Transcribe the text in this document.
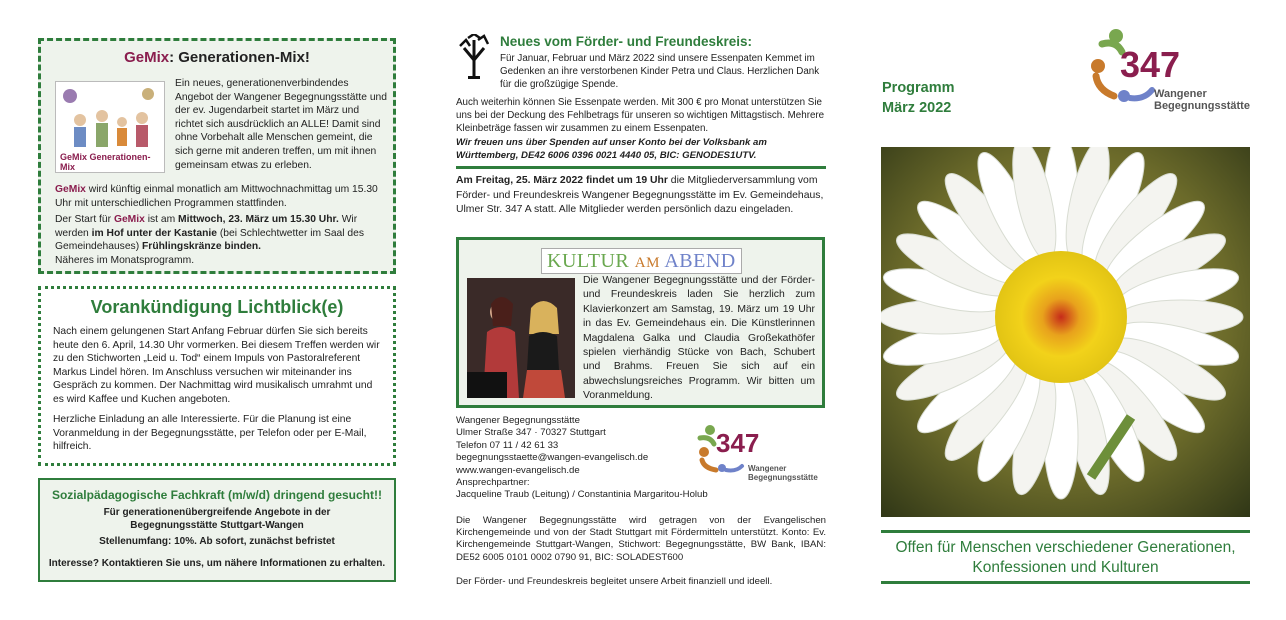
GeMix: Generationen-Mix!
GeMix Generationen-Mix

Ein neues, generationenverbindendes Angebot der Wangener Begegnungsstätte und der ev. Jugendarbeit startet im März und richtet sich ausdrücklich an ALLE! Damit sind ohne Vorbehalt alle Menschen gemeint, die sich gerne mit anderen treffen, um mit ihnen gemeinsam etwas zu erleben.

GeMix wird künftig einmal monatlich am Mittwochnachmittag um 15.30 Uhr mit unterschiedlichen Programmen stattfinden.

Der Start für GeMix ist am Mittwoch, 23. März um 15.30 Uhr. Wir werden im Hof unter der Kastanie (bei Schlechtwetter im Saal des Gemeindehauses) Frühlingskränze binden.
Näheres im Monatsprogramm.

Vorankündigung Lichtblick(e)

Nach einem gelungenen Start Anfang Februar dürfen Sie sich bereits heute den 6. April, 14.30 Uhr vormerken. Bei diesem Treffen werden wir zu den Stichworten „Leid u. Tod“ einem Impuls von Pastoralreferent Markus Lindel hören. Im Anschluss versuchen wir miteinander ins Gespräch zu kommen. Der Nachmittag wird musikalisch umrahmt und es wird Kaffee und Kuchen angeboten.

Herzliche Einladung an alle Interessierte. Für die Planung ist eine Voranmeldung in der Begegnungsstätte, per Telefon oder per E-Mail, hilfreich.

Sozialpädagogische Fachkraft (m/w/d) dringend gesucht!!
Für generationenübergreifende Angebote in der Begegnungsstätte Stuttgart-Wangen
Stellenumfang: 10%. Ab sofort, zunächst befristet
Interesse? Kontaktieren Sie uns, um nähere Informationen zu erhalten.
Neues vom Förder- und Freundeskreis:

Für Januar, Februar und März 2022 sind unsere Essenpaten Kemmet im Gedenken an ihre verstorbenen Kinder Petra und Claus. Herzlichen Dank für die großzügige Spende.

Auch weiterhin können Sie Essenpate werden. Mit 300 € pro Monat unterstützen Sie uns bei der Deckung des Fehlbetrags für unseren so wichtigen Mittagstisch. Mehrere Kleinbeträge fassen wir zusammen zu einem Essenpaten.

Wir freuen uns über Spenden auf unser Konto bei der Volksbank am Württemberg, DE42 6006 0396 0021 4440 05, BIC: GENODES1UTV.

Am Freitag, 25. März 2022 findet um 19 Uhr die Mitgliederversammlung vom Förder- und Freundeskreis Wangener Begegnungsstätte im Ev. Gemeindehaus, Ulmer Str. 347 A statt. Alle Mitglieder werden persönlich dazu eingeladen.

KULTUR AM ABEND

Die Wangener Begegnungsstätte und der Förder- und Freundeskreis laden Sie herzlich zum Klavierkonzert am Samstag, 19. März um 19 Uhr in das Ev. Gemeindehaus ein. Die Künstlerinnen Magdalena Galka und Claudia Großekathöfer spielen vierhändig Stücke von Bach, Schubert und Brahms. Freuen Sie sich auf ein abwechslungsreiches Programm. Wir bitten um Voranmeldung.

Wangener Begegnungsstätte
Ulmer Straße 347 · 70327 Stuttgart
Telefon 07 11 / 42 61 33
begegnungsstaette@wangen-evangelisch.de
www.wangen-evangelisch.de
Ansprechpartner:
Jacqueline Traub (Leitung) / Constantinia Margaritou-Holub
347
Wangener
Begegnungsstätte

Die Wangener Begegnungsstätte wird getragen von der Evangelischen Kirchengemeinde und von der Stadt Stuttgart mit Fördermitteln unterstützt. Konto: Ev. Kirchengemeinde Stuttgart-Wangen, Stichwort: Begegnungsstätte, BW Bank, IBAN: DE52 6005 0101 0002 0790 91, BIC: SOLADEST600

Der Förder- und Freundeskreis begleitet unsere Arbeit finanziell und ideell.

Programm
März 2022
347
Wangener
Begegnungsstätte
Offen für Menschen verschiedener Generationen,
Konfessionen und Kulturen
